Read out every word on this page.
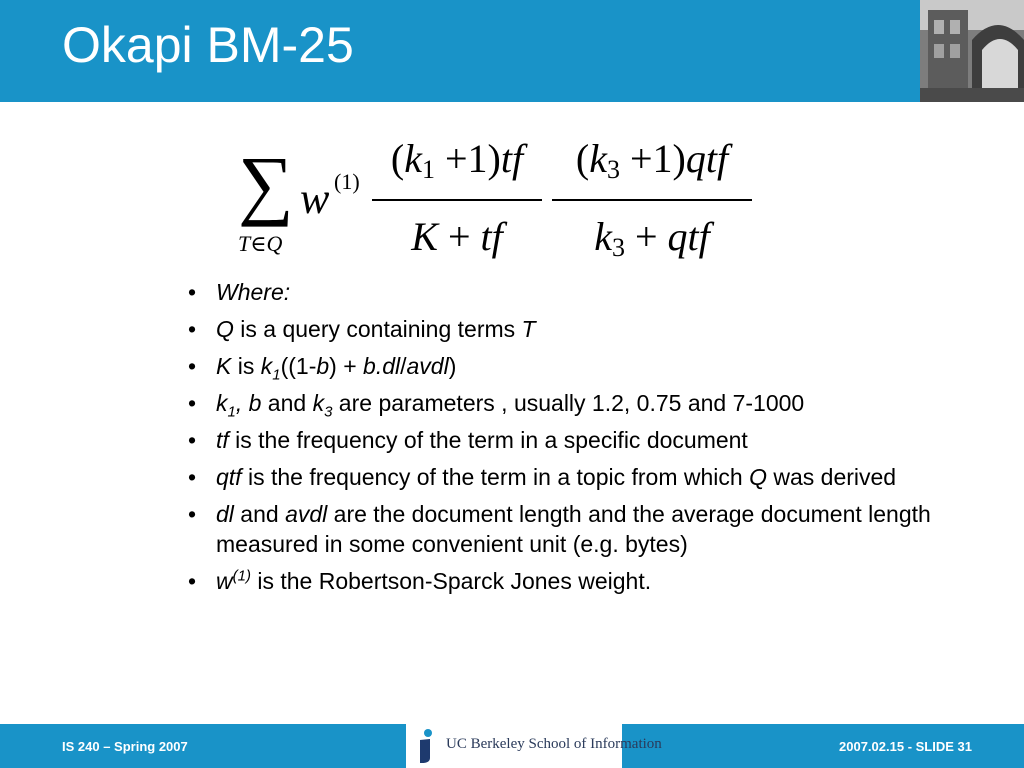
Okapi BM-25
∑
T∈Q
w (1)
$(k_1 +1)tf$
K + tf
$(k_3 +1)qtf$
$k_3$ + qtf
• Where:
• Q is a query containing terms T
• K is $k_1((1-b)$ + b.dl/avdl)
• $k_1$, b and $k_3$ are parameters , usually 1.2, 0.75 and 7-1000
• tf is the frequency of the term in a specific document
• qtf is the frequency of the term in a topic from which Q was derived
• dl and avdl are the document length and the average document length measured in some convenient unit (e.g. bytes)
• $w^{(1)}$ is the Robertson-Sparck Jones weight.
IS 240 – Spring 2007	UC Berkeley School of Information	2007.02.15 - SLIDE 31
